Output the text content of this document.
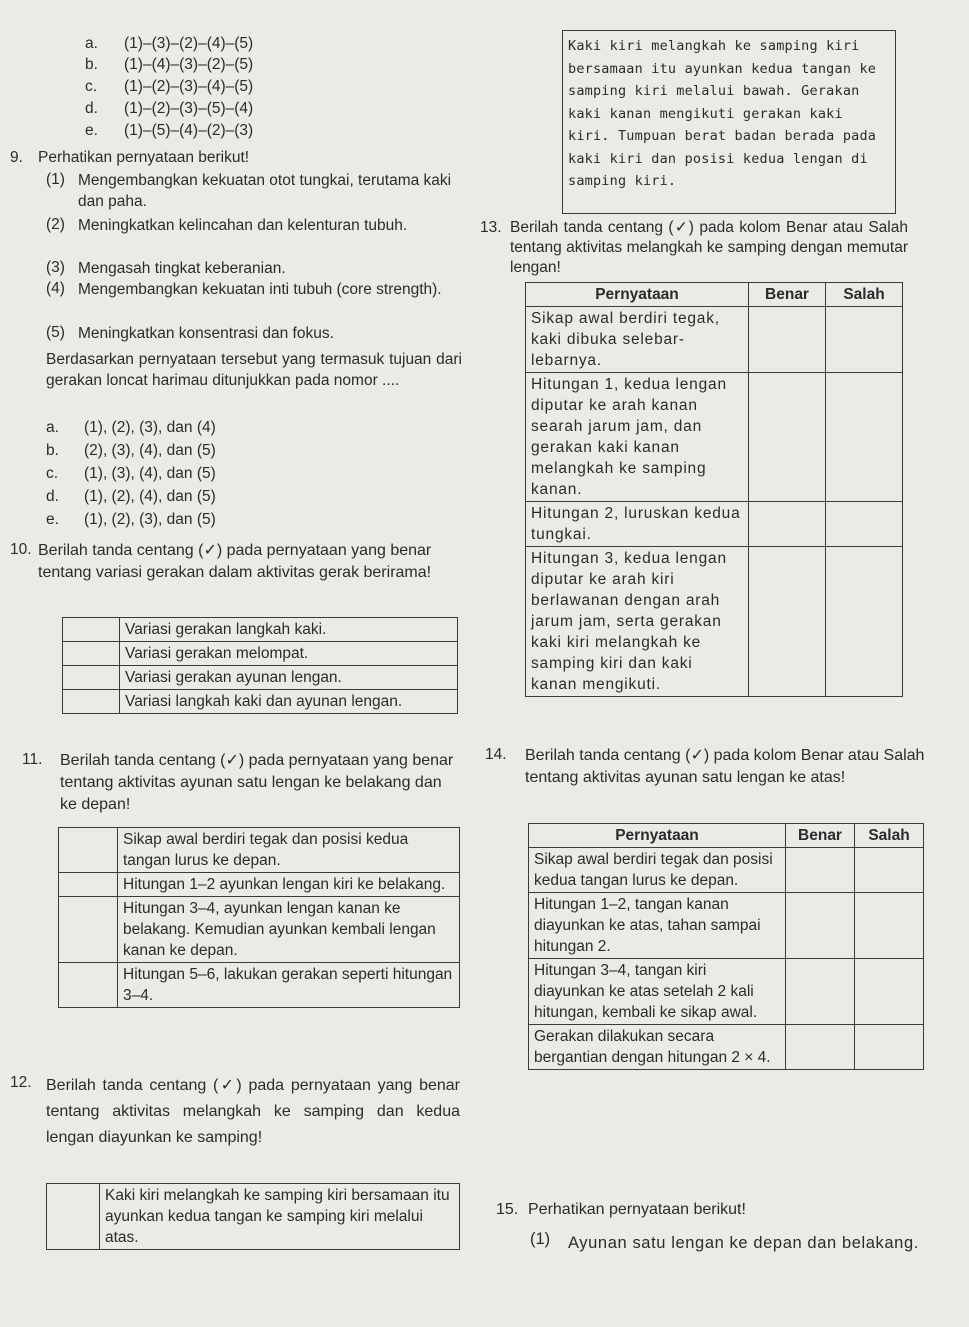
a. (1)–(3)–(2)–(4)–(5)
b. (1)–(4)–(3)–(2)–(5)
c. (1)–(2)–(3)–(4)–(5)
d. (1)–(2)–(3)–(5)–(4)
e. (1)–(5)–(4)–(2)–(3)
Kaki kiri melangkah ke samping kiri bersamaan itu ayunkan kedua tangan ke samping kiri melalui bawah. Gerakan kaki kanan mengikuti gerakan kaki kiri. Tumpuan berat badan berada pada kaki kiri dan posisi kedua lengan di samping kiri.
9. Perhatikan pernyataan berikut!
(1) Mengembangkan kekuatan otot tungkai, terutama kaki dan paha.
(2) Meningkatkan kelincahan dan kelenturan tubuh.
(3) Mengasah tingkat keberanian.
(4) Mengembangkan kekuatan inti tubuh (core strength).
(5) Meningkatkan konsentrasi dan fokus.
Berdasarkan pernyataan tersebut yang termasuk tujuan dari gerakan loncat harimau ditunjukkan pada nomor ....
a. (1), (2), (3), dan (4)
b. (2), (3), (4), dan (5)
c. (1), (3), (4), dan (5)
d. (1), (2), (4), dan (5)
e. (1), (2), (3), dan (5)
10. Berilah tanda centang (✓) pada pernyataan yang benar tentang variasi gerakan dalam aktivitas gerak berirama!
	Variasi gerakan langkah kaki.
	Variasi gerakan melompat.
	Variasi gerakan ayunan lengan.
	Variasi langkah kaki dan ayunan lengan.
11. Berilah tanda centang (✓) pada pernyataan yang benar tentang aktivitas ayunan satu lengan ke belakang dan ke depan!
	Sikap awal berdiri tegak dan posisi kedua tangan lurus ke depan.
	Hitungan 1–2 ayunkan lengan kiri ke belakang.
	Hitungan 3–4, ayunkan lengan kanan ke belakang. Kemudian ayunkan kembali lengan kanan ke depan.
	Hitungan 5–6, lakukan gerakan seperti hitungan 3–4.
12. Berilah tanda centang (✓) pada pernyataan yang benar tentang aktivitas melangkah ke samping dan kedua lengan diayunkan ke samping!
	Kaki kiri melangkah ke samping kiri bersamaan itu ayunkan kedua tangan ke samping kiri melalui atas.
13. Berilah tanda centang (✓) pada kolom Benar atau Salah tentang aktivitas melangkah ke samping dengan memutar lengan!
Pernyataan	Benar	Salah
Sikap awal berdiri tegak, kaki dibuka selebar-lebarnya.		
Hitungan 1, kedua lengan diputar ke arah kanan searah jarum jam, dan gerakan kaki kanan melangkah ke samping kanan.		
Hitungan 2, luruskan kedua tungkai.		
Hitungan 3, kedua lengan diputar ke arah kiri berlawanan dengan arah jarum jam, serta gerakan kaki kiri melangkah ke samping kiri dan kaki kanan mengikuti.		
14. Berilah tanda centang (✓) pada kolom Benar atau Salah tentang aktivitas ayunan satu lengan ke atas!
Pernyataan	Benar	Salah
Sikap awal berdiri tegak dan posisi kedua tangan lurus ke depan.		
Hitungan 1–2, tangan kanan diayunkan ke atas, tahan sampai hitungan 2.		
Hitungan 3–4, tangan kiri diayunkan ke atas setelah 2 kali hitungan, kembali ke sikap awal.		
Gerakan dilakukan secara bergantian dengan hitungan 2 × 4.		
15. Perhatikan pernyataan berikut!
(1) Ayunan satu lengan ke depan dan belakang.
